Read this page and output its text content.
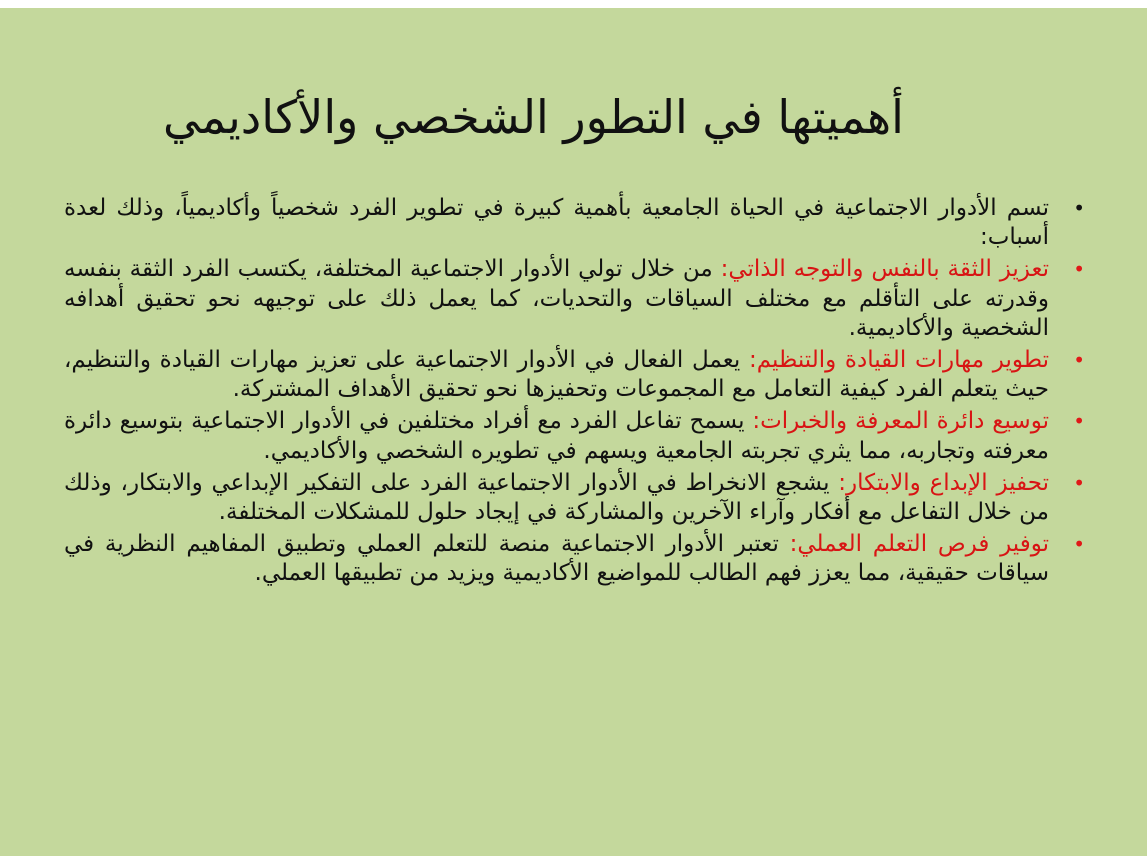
أهميتها في التطور الشخصي والأكاديمي
•
تسم الأدوار الاجتماعية في الحياة الجامعية بأهمية كبيرة في تطوير الفرد شخصياً وأكاديمياً، وذلك لعدة أسباب:
•
تعزيز الثقة بالنفس والتوجه الذاتي: من خلال تولي الأدوار الاجتماعية المختلفة، يكتسب الفرد الثقة بنفسه وقدرته على التأقلم مع مختلف السياقات والتحديات، كما يعمل ذلك على توجيهه نحو تحقيق أهدافه الشخصية والأكاديمية.
•
تطوير مهارات القيادة والتنظيم: يعمل الفعال في الأدوار الاجتماعية على تعزيز مهارات القيادة والتنظيم، حيث يتعلم الفرد كيفية التعامل مع المجموعات وتحفيزها نحو تحقيق الأهداف المشتركة.
•
توسيع دائرة المعرفة والخبرات: يسمح تفاعل الفرد مع أفراد مختلفين في الأدوار الاجتماعية بتوسيع دائرة معرفته وتجاربه، مما يثري تجربته الجامعية ويسهم في تطويره الشخصي والأكاديمي.
•
تحفيز الإبداع والابتكار: يشجع الانخراط في الأدوار الاجتماعية الفرد على التفكير الإبداعي والابتكار، وذلك من خلال التفاعل مع أفكار وآراء الآخرين والمشاركة في إيجاد حلول للمشكلات المختلفة.
•
توفير فرص التعلم العملي: تعتبر الأدوار الاجتماعية منصة للتعلم العملي وتطبيق المفاهيم النظرية في سياقات حقيقية، مما يعزز فهم الطالب للمواضيع الأكاديمية ويزيد من تطبيقها العملي.
